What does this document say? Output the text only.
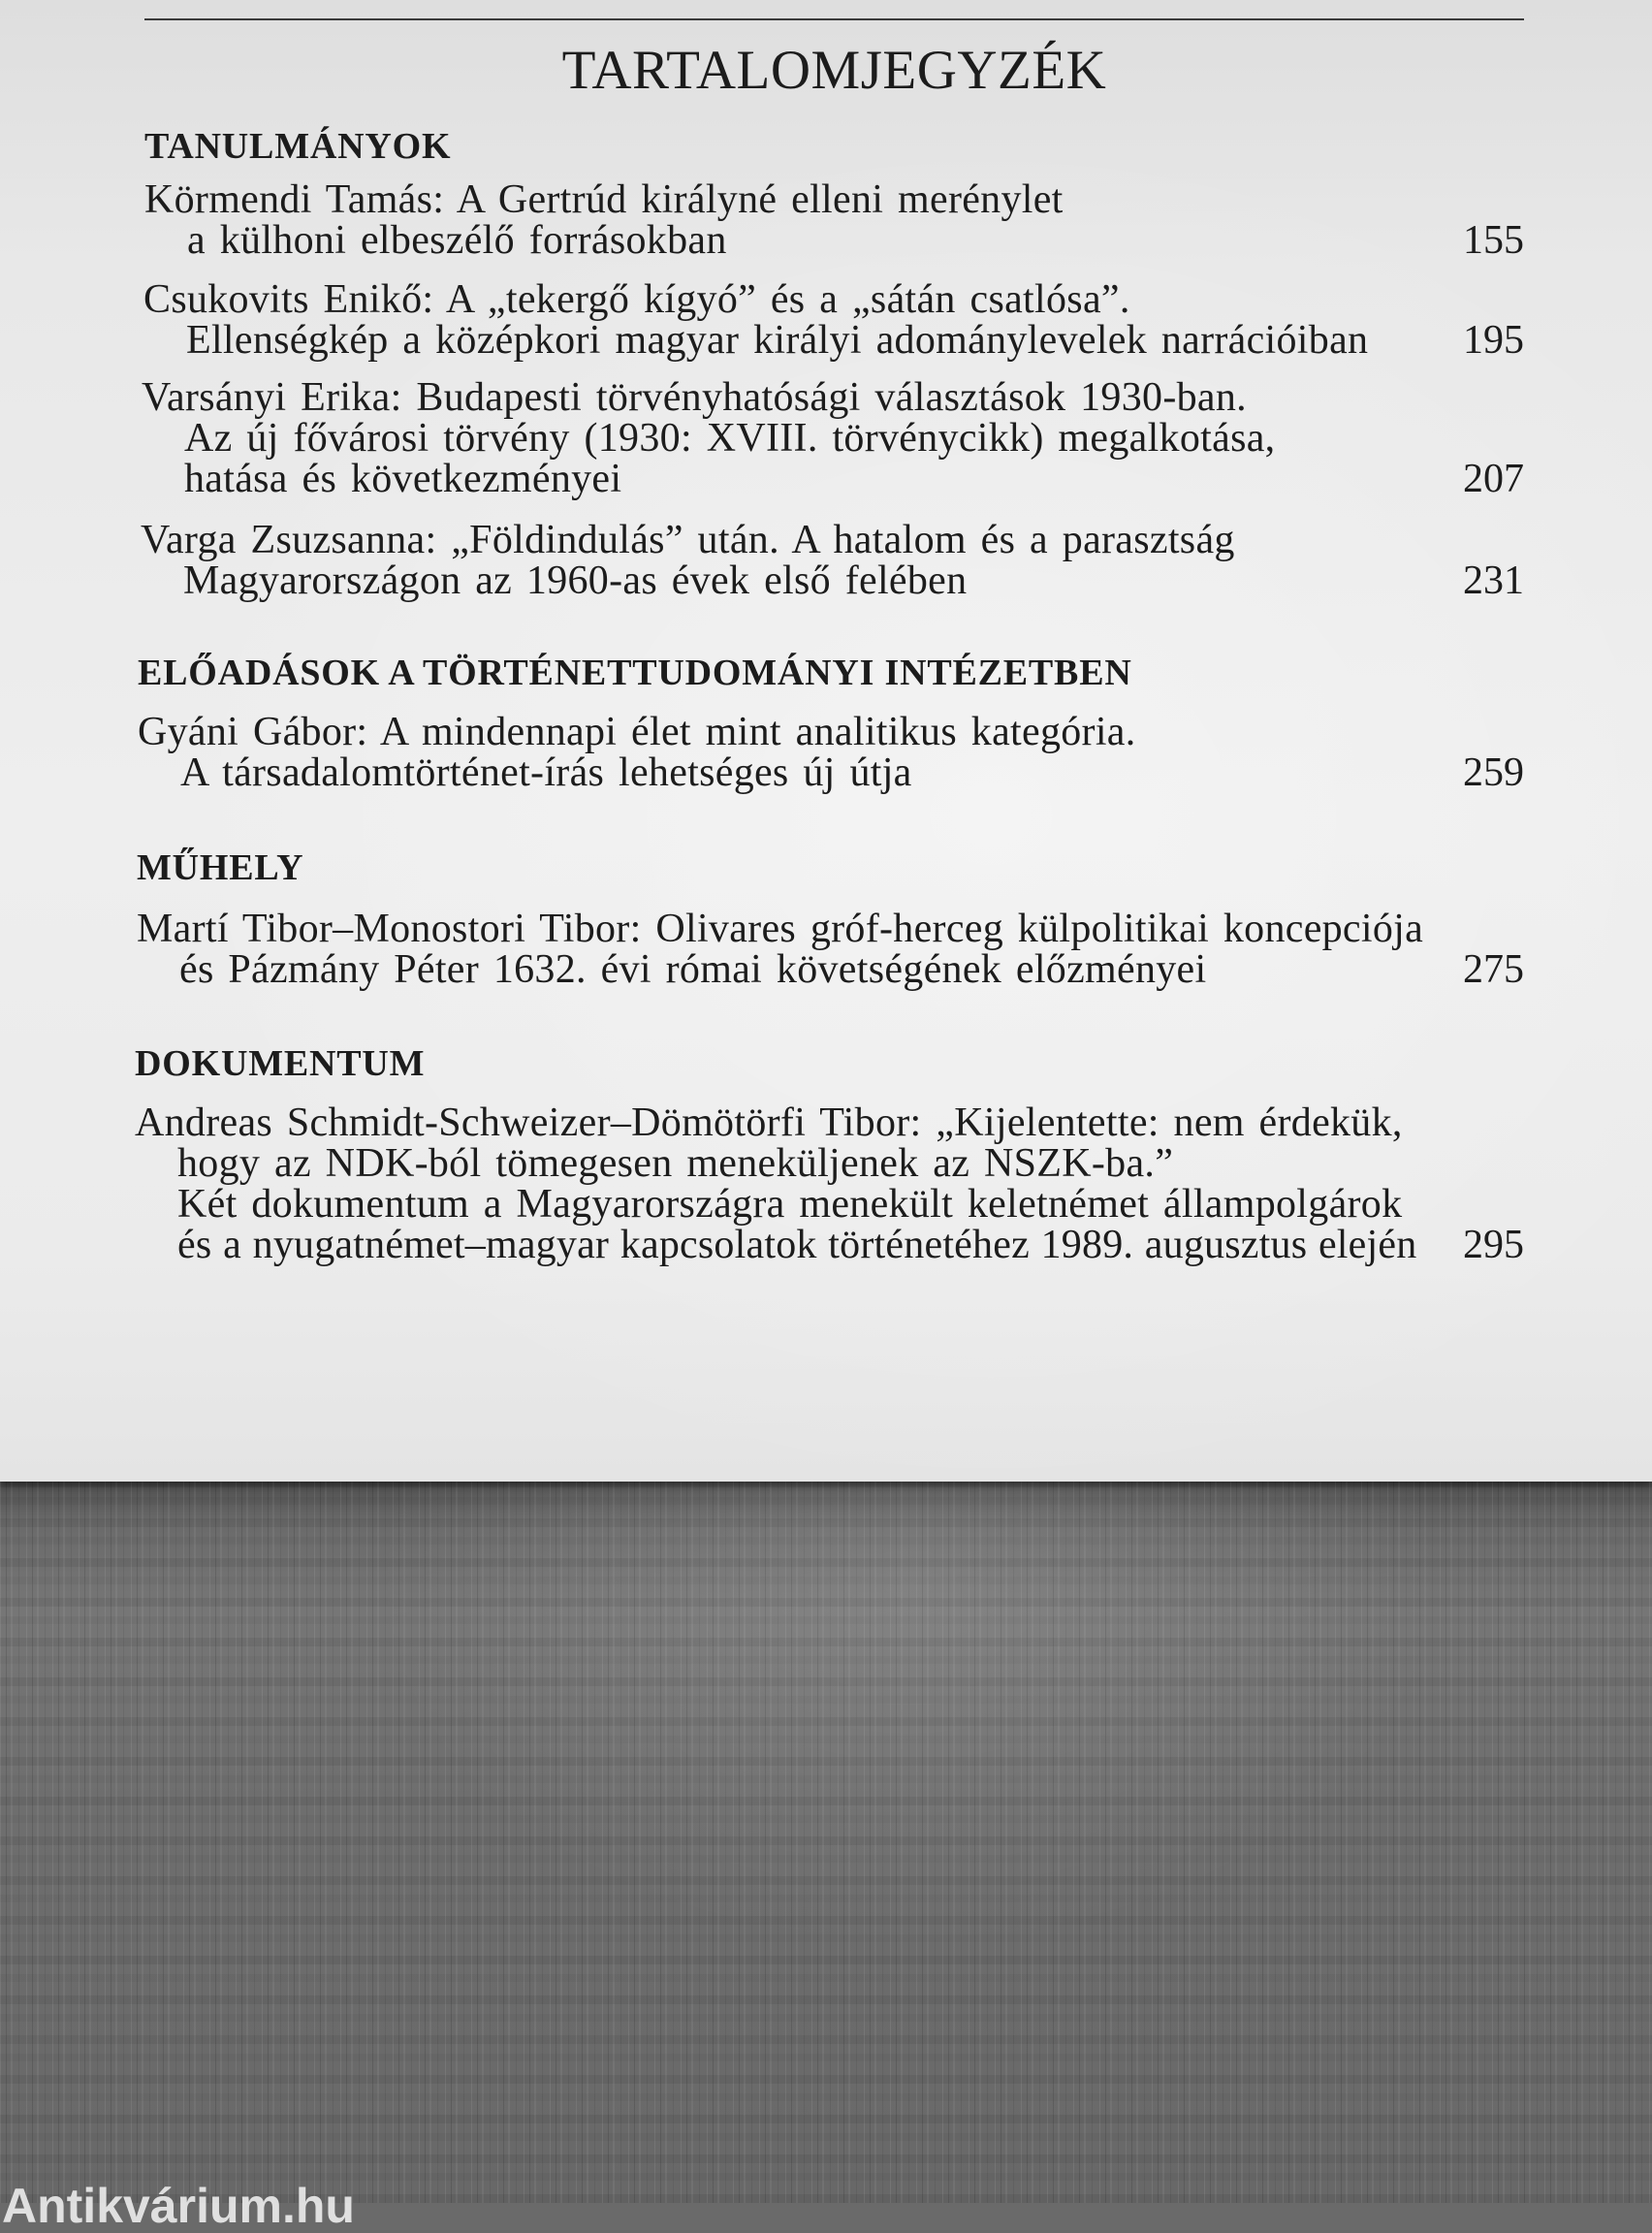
TARTALOMJEGYZÉK
TANULMÁNYOK
Körmendi Tamás: A Gertrúd királyné elleni merénylet
a külhoni elbeszélő forrásokban	155
Csukovits Enikő: A „tekergő kígyó” és a „sátán csatlósa”.
Ellenségkép a középkori magyar királyi adománylevelek narrációiban	195
Varsányi Erika: Budapesti törvényhatósági választások 1930-ban.
Az új fővárosi törvény (1930: XVIII. törvénycikk) megalkotása,
hatása és következményei	207
Varga Zsuzsanna: „Földindulás” után. A hatalom és a parasztság
Magyarországon az 1960-as évek első felében	231
ELŐADÁSOK A TÖRTÉNETTUDOMÁNYI INTÉZETBEN
Gyáni Gábor: A mindennapi élet mint analitikus kategória.
A társadalomtörténet-írás lehetséges új útja	259
MŰHELY
Martí Tibor–Monostori Tibor: Olivares gróf-herceg külpolitikai koncepciója
és Pázmány Péter 1632. évi római követségének előzményei	275
DOKUMENTUM
Andreas Schmidt-Schweizer–Dömötörfi Tibor: „Kijelentette: nem érdekük,
hogy az NDK-ból tömegesen meneküljenek az NSZK-ba.”
Két dokumentum a Magyarországra menekült keletnémet állampolgárok
és a nyugatnémet–magyar kapcsolatok történetéhez 1989. augusztus elején	295
Antikvárium.hu
